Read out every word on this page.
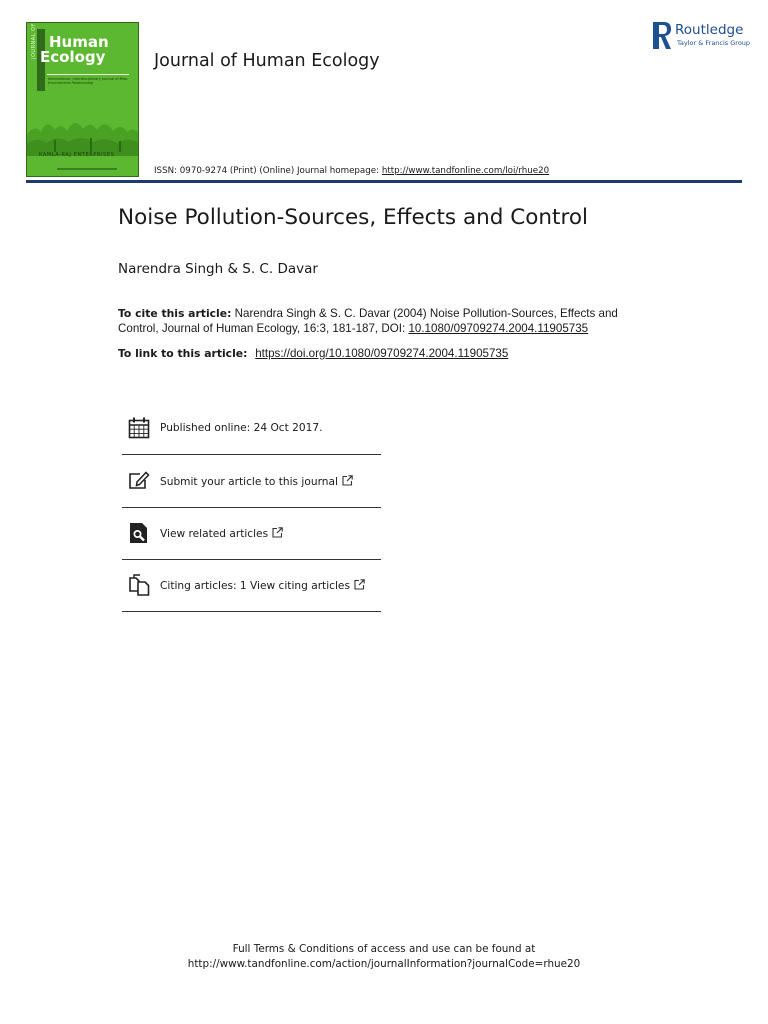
JOURNAL OF Human
Ecology
International, Interdisciplinary Journal of Man-Environment Relationship
KAMLA-RAJ ENTERPRISES
Journal of Human Ecology
Routledge
Taylor & Francis Group
ISSN: 0970-9274 (Print) (Online) Journal homepage: http://www.tandfonline.com/loi/rhue20
Noise Pollution-Sources, Effects and Control
Narendra Singh & S. C. Davar
To cite this article: Narendra Singh & S. C. Davar (2004) Noise Pollution-Sources, Effects and Control, Journal of Human Ecology, 16:3, 181-187, DOI: 10.1080/09709274.2004.11905735
To link to this article: https://doi.org/10.1080/09709274.2004.11905735
Published online: 24 Oct 2017.
Submit your article to this journal
View related articles
Citing articles: 1 View citing articles
Full Terms & Conditions of access and use can be found at
http://www.tandfonline.com/action/journalInformation?journalCode=rhue20
